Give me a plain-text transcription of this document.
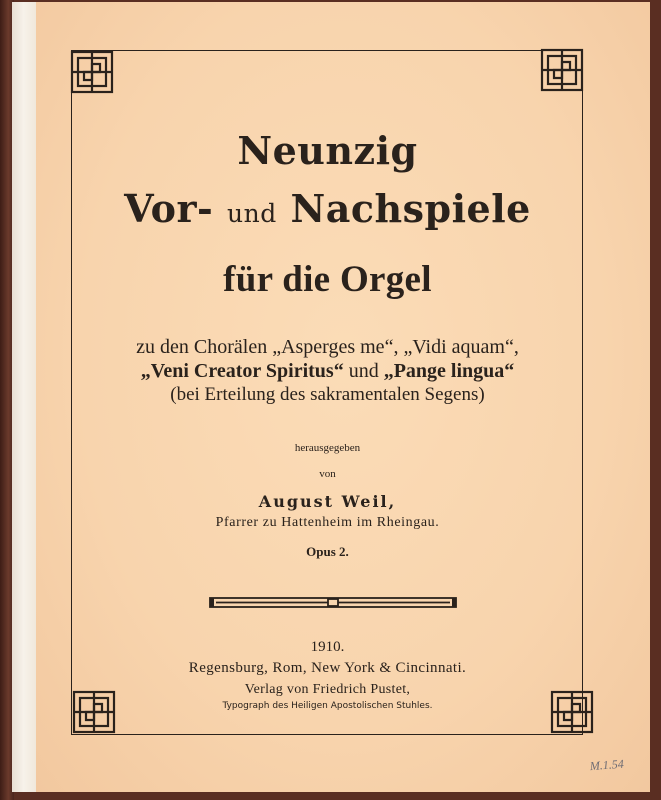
Neunzig
Vor- und Nachspiele
für die Orgel
zu den Chorälen „Asperges me“, „Vidi aquam“,
„Veni Creator Spiritus“ und „Pange lingua“
(bei Erteilung des sakramentalen Segens)
herausgegeben
von
August Weil,
Pfarrer zu Hattenheim im Rheingau.
Opus 2.
1910.
Regensburg, Rom, New York & Cincinnati.
Verlag von Friedrich Pustet,
Typograph des Heiligen Apostolischen Stuhles.
M.1.54
